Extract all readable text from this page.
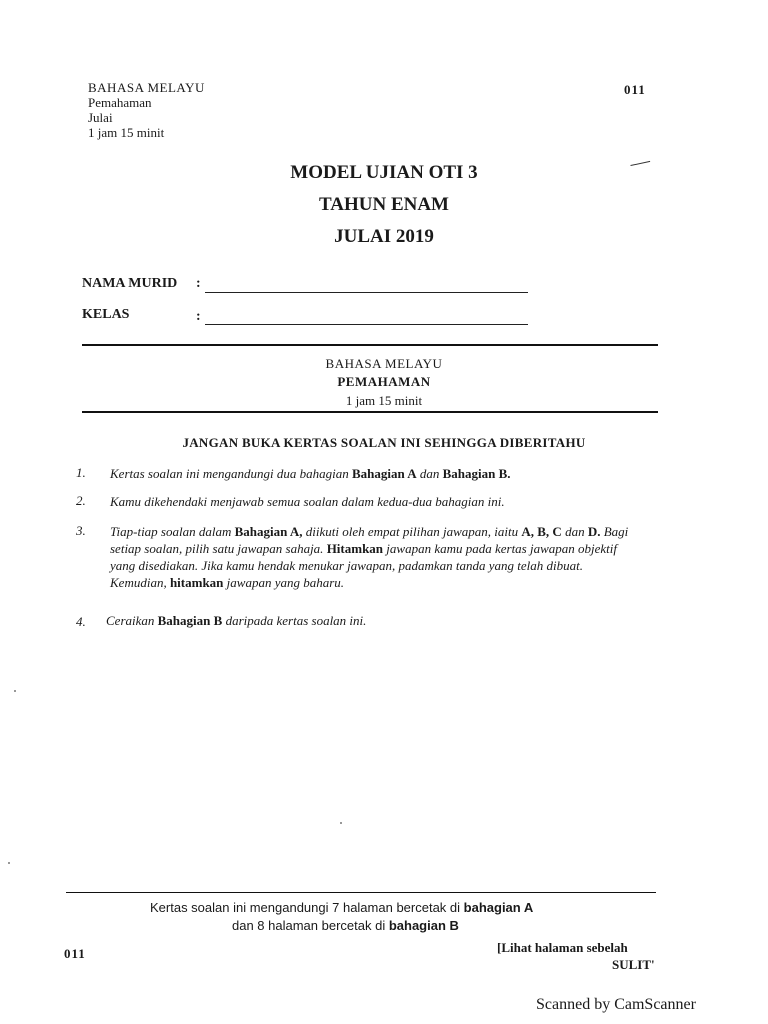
BAHASA MELAYU
Pemahaman
Julai
1 jam 15 minit
011
MODEL UJIAN OTI 3
TAHUN ENAM
JULAI 2019
NAMA MURID :
KELAS	:
BAHASA MELAYU
PEMAHAMAN
1 jam 15 minit
JANGAN BUKA KERTAS SOALAN INI SEHINGGA DIBERITAHU
1. Kertas soalan ini mengandungi dua bahagian Bahagian A dan Bahagian B.
2. Kamu dikehendaki menjawab semua soalan dalam kedua-dua bahagian ini.
3. Tiap-tiap soalan dalam Bahagian A, diikuti oleh empat pilihan jawapan, iaitu A, B, C dan D. Bagi setiap soalan, pilih satu jawapan sahaja. Hitamkan jawapan kamu pada kertas jawapan objektif yang disediakan. Jika kamu hendak menukar jawapan, padamkan tanda yang telah dibuat. Kemudian, hitamkan jawapan yang baharu.
4. Ceraikan Bahagian B daripada kertas soalan ini.
Kertas soalan ini mengandungi 7 halaman bercetak di bahagian A
dan 8 halaman bercetak di bahagian B
011	[Lihat halaman sebelah
SULIT'
Scanned by CamScanner
